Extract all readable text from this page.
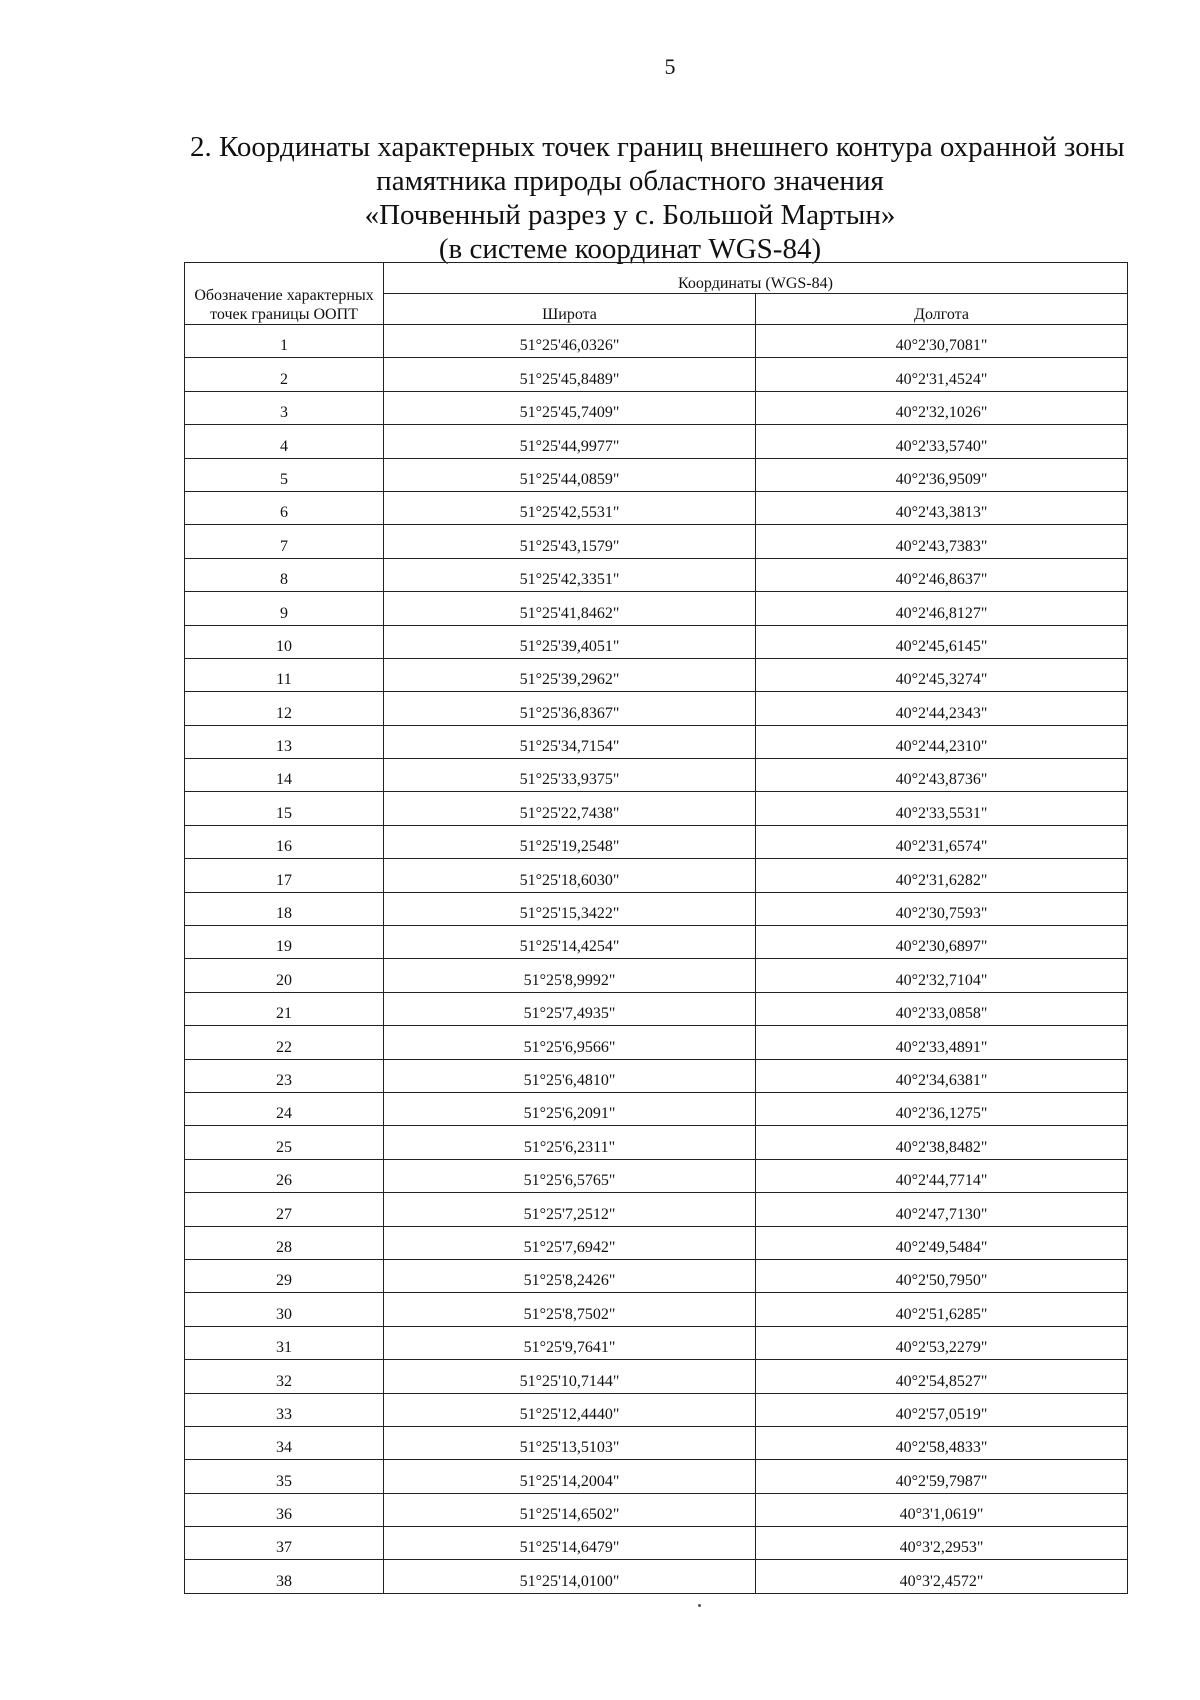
5
2. Координаты характерных точек границ внешнего контура охранной зоны
памятника природы областного значения
«Почвенный разрез у с. Большой Мартын»
(в системе координат WGS-84)
Обозначение характерных точек границы ООПТ	Координаты (WGS-84)	
	Широта	Долгота
1	51°25'46,0326"	40°2'30,7081"
2	51°25'45,8489"	40°2'31,4524"
3	51°25'45,7409"	40°2'32,1026"
4	51°25'44,9977"	40°2'33,5740"
5	51°25'44,0859"	40°2'36,9509"
6	51°25'42,5531"	40°2'43,3813"
7	51°25'43,1579"	40°2'43,7383"
8	51°25'42,3351"	40°2'46,8637"
9	51°25'41,8462"	40°2'46,8127"
10	51°25'39,4051"	40°2'45,6145"
11	51°25'39,2962"	40°2'45,3274"
12	51°25'36,8367"	40°2'44,2343"
13	51°25'34,7154"	40°2'44,2310"
14	51°25'33,9375"	40°2'43,8736"
15	51°25'22,7438"	40°2'33,5531"
16	51°25'19,2548"	40°2'31,6574"
17	51°25'18,6030"	40°2'31,6282"
18	51°25'15,3422"	40°2'30,7593"
19	51°25'14,4254"	40°2'30,6897"
20	51°25'8,9992"	40°2'32,7104"
21	51°25'7,4935"	40°2'33,0858"
22	51°25'6,9566"	40°2'33,4891"
23	51°25'6,4810"	40°2'34,6381"
24	51°25'6,2091"	40°2'36,1275"
25	51°25'6,2311"	40°2'38,8482"
26	51°25'6,5765"	40°2'44,7714"
27	51°25'7,2512"	40°2'47,7130"
28	51°25'7,6942"	40°2'49,5484"
29	51°25'8,2426"	40°2'50,7950"
30	51°25'8,7502"	40°2'51,6285"
31	51°25'9,7641"	40°2'53,2279"
32	51°25'10,7144"	40°2'54,8527"
33	51°25'12,4440"	40°2'57,0519"
34	51°25'13,5103"	40°2'58,4833"
35	51°25'14,2004"	40°2'59,7987"
36	51°25'14,6502"	40°3'1,0619"
37	51°25'14,6479"	40°3'2,2953"
38	51°25'14,0100"	40°3'2,4572"
